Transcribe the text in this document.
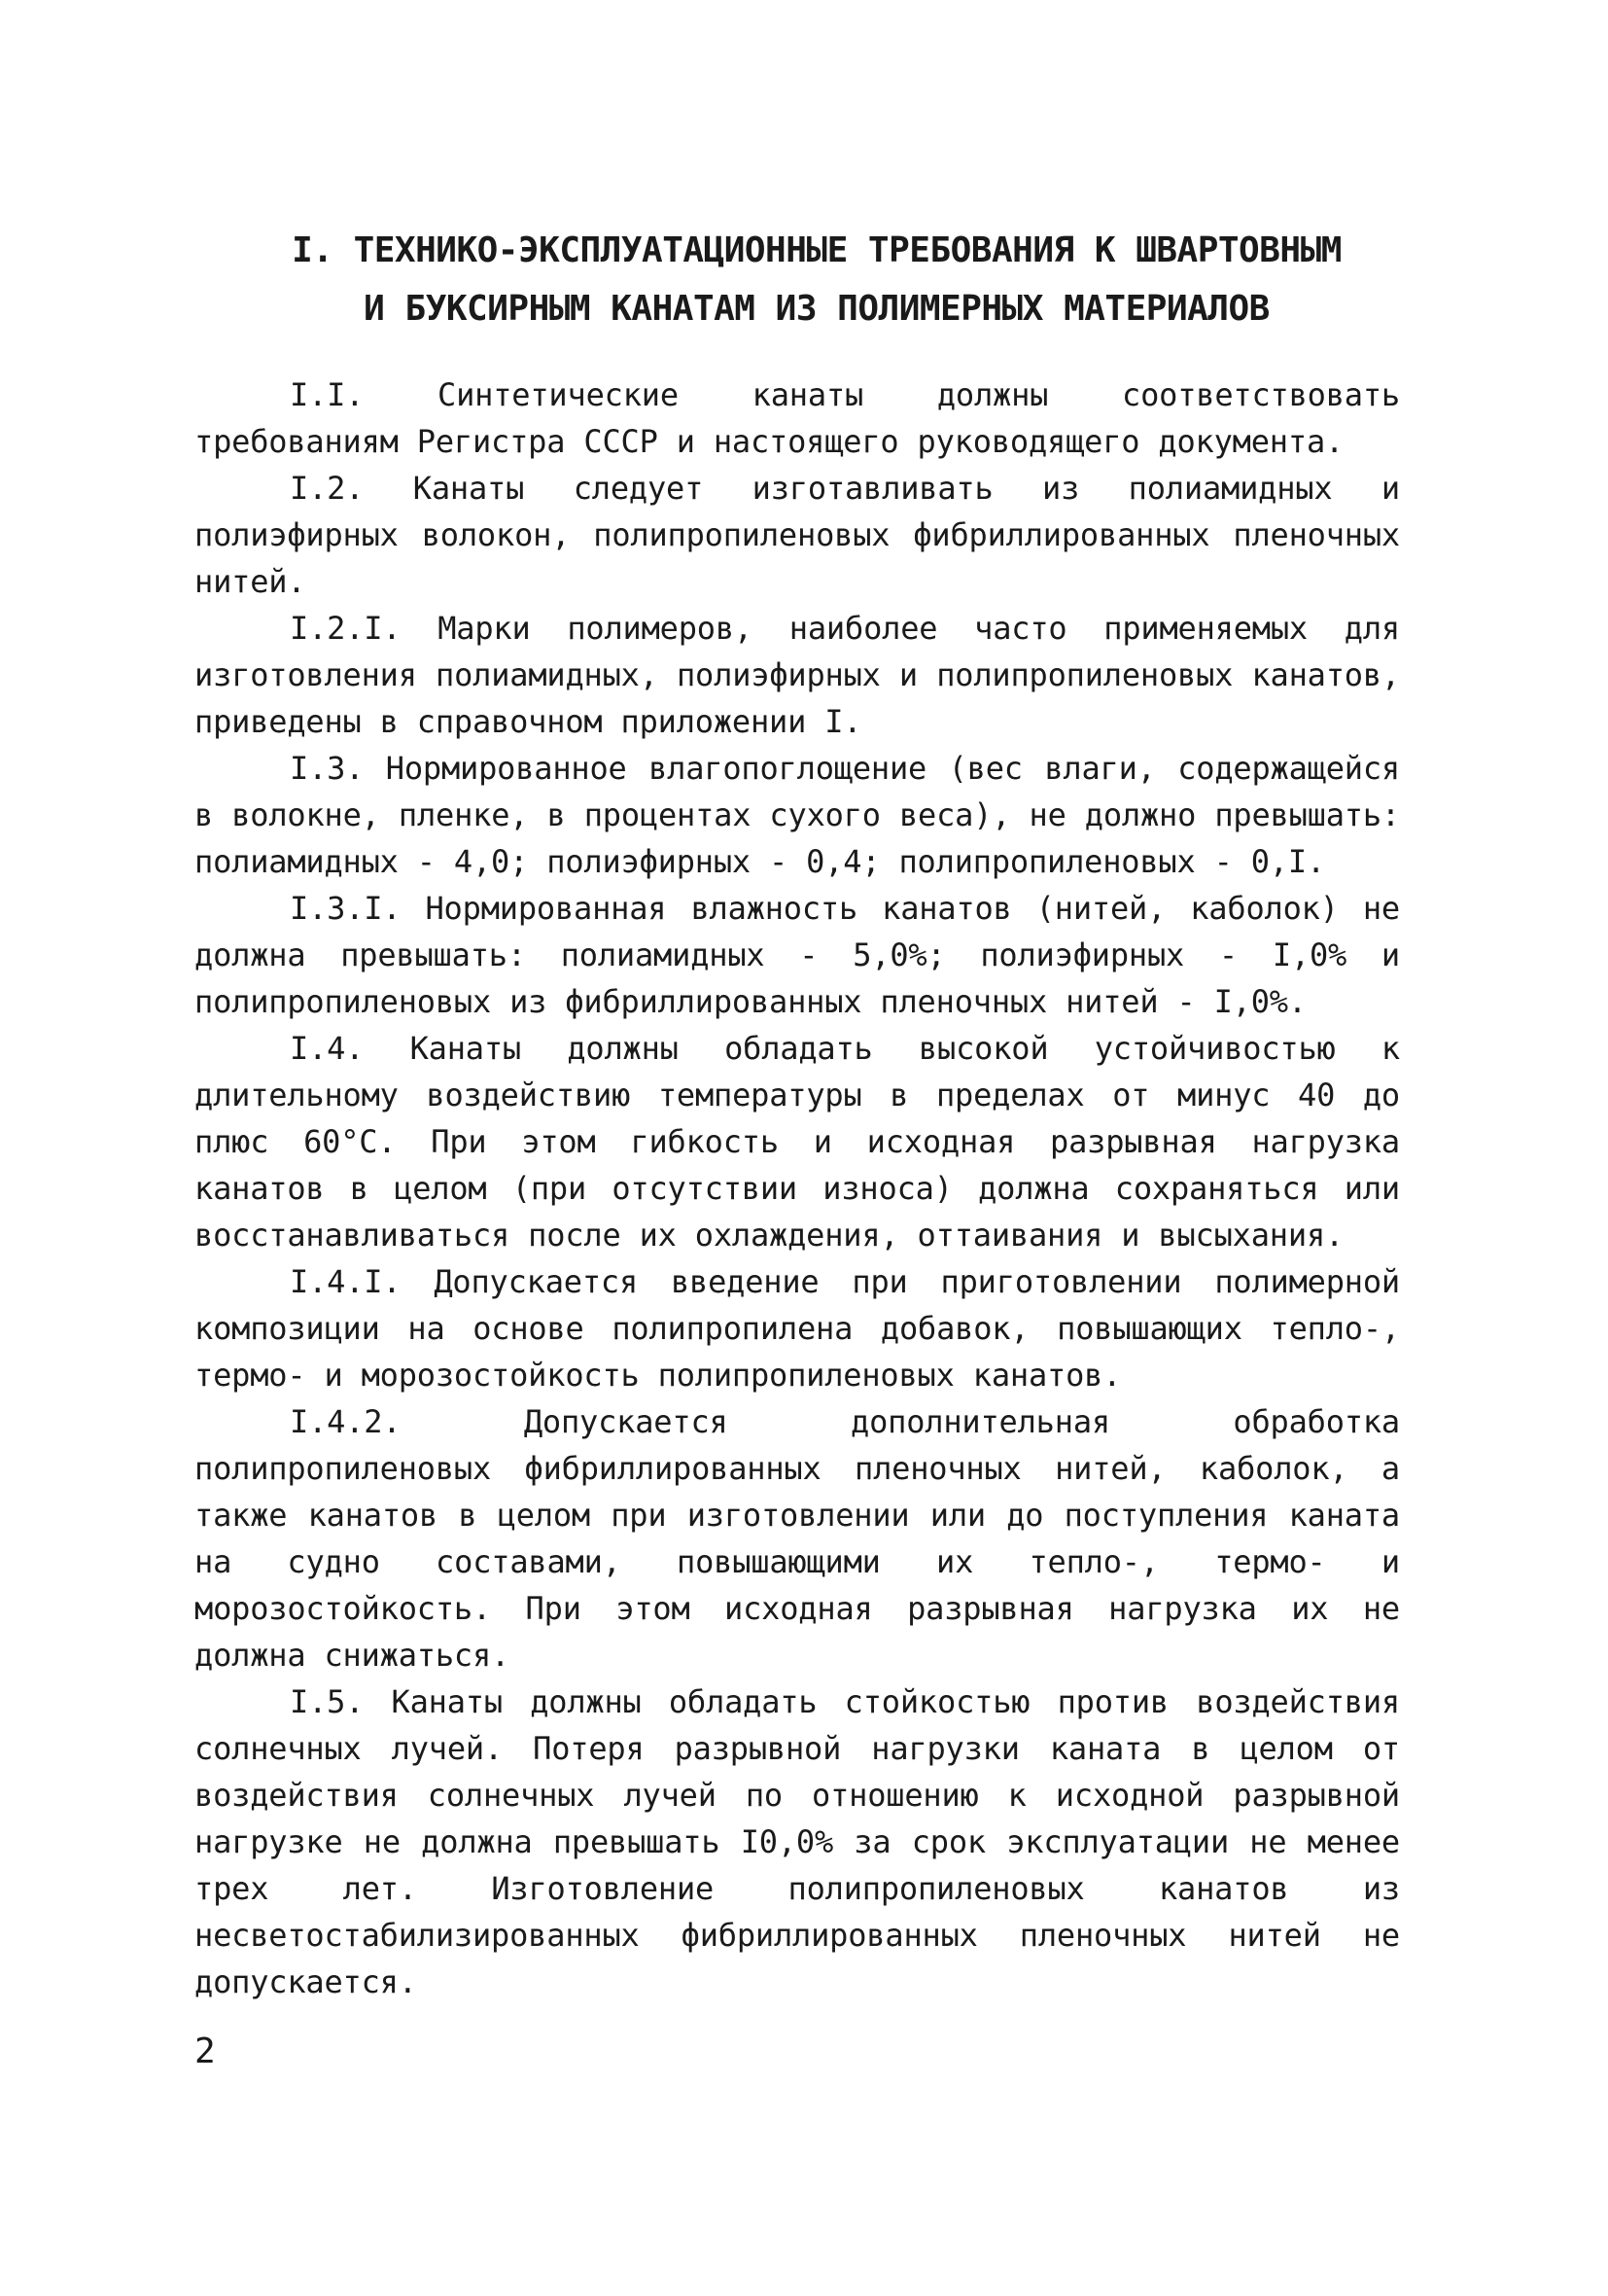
I. ТЕХНИКО-ЭКСПЛУАТАЦИОННЫЕ ТРЕБОВАНИЯ К ШВАРТОВНЫМ
И БУКСИРНЫМ КАНАТАМ ИЗ ПОЛИМЕРНЫХ МАТЕРИАЛОВ

I.I. Синтетические канаты должны соответствовать требованиям Регистра СССР и настоящего руководящего документа.

I.2. Канаты следует изготавливать из полиамидных и полиэфирных волокон, полипропиленовых фибриллированных пленочных нитей.

I.2.I. Марки полимеров, наиболее часто применяемых для изготовления полиамидных, полиэфирных и полипропиленовых канатов, приведены в справочном приложении I.

I.3. Нормированное влагопоглощение (вес влаги, содержащейся в волокне, пленке, в процентах сухого веса), не должно превышать: полиамидных - 4,0; полиэфирных - 0,4; полипропиленовых - 0,I.

I.3.I. Нормированная влажность канатов (нитей, каболок) не должна превышать: полиамидных - 5,0%; полиэфирных - I,0% и полипропиленовых из фибриллированных пленочных нитей - I,0%.

I.4. Канаты должны обладать высокой устойчивостью к длительному воздействию температуры в пределах от минус 40 до плюс 60°С. При этом гибкость и исходная разрывная нагрузка канатов в целом (при отсутствии износа) должна сохраняться или восстанавливаться после их охлаждения, оттаивания и высыхания.

I.4.I. Допускается введение при приготовлении полимерной композиции на основе полипропилена добавок, повышающих тепло-, термо- и морозостойкость полипропиленовых канатов.

I.4.2. Допускается дополнительная обработка полипропиленовых фибриллированных пленочных нитей, каболок, а также канатов в целом при изготовлении или до поступления каната на судно составами, повышающими их тепло-, термо- и морозостойкость. При этом исходная разрывная нагрузка их не должна снижаться.

I.5. Канаты должны обладать стойкостью против воздействия солнечных лучей. Потеря разрывной нагрузки каната в целом от воздействия солнечных лучей по отношению к исходной разрывной нагрузке не должна превышать I0,0% за срок эксплуатации не менее трех лет. Изготовление полипропиленовых канатов из несветостабилизированных фибриллированных пленочных нитей не допускается.

2
